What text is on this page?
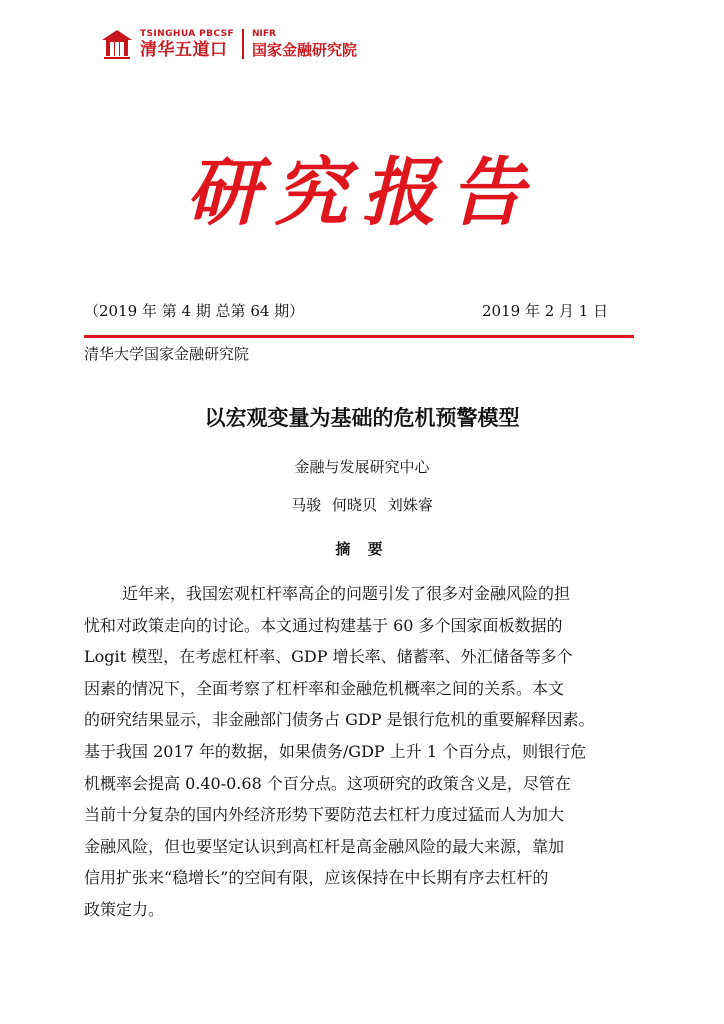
TSINGHUA PBCSF
清华五道口
NIFR
国家金融研究院
研究报告
（2019 年 第 4 期 总第 64 期）	2019 年 2 月 1 日
清华大学国家金融研究院
以宏观变量为基础的危机预警模型
金融与发展研究中心
马骏 何晓贝 刘姝睿
摘 要
近年来，我国宏观杠杆率高企的问题引发了很多对金融风险的担
忧和对政策走向的讨论。本文通过构建基于 60 多个国家面板数据的
Logit 模型，在考虑杠杆率、GDP 增长率、储蓄率、外汇储备等多个
因素的情况下，全面考察了杠杆率和金融危机概率之间的关系。本文
的研究结果显示，非金融部门债务占 GDP 是银行危机的重要解释因素。
基于我国 2017 年的数据，如果债务/GDP 上升 1 个百分点，则银行危
机概率会提高 0.40-0.68 个百分点。这项研究的政策含义是，尽管在
当前十分复杂的国内外经济形势下要防范去杠杆力度过猛而人为加大
金融风险，但也要坚定认识到高杠杆是高金融风险的最大来源，靠加
信用扩张来“稳增长”的空间有限，应该保持在中长期有序去杠杆的
政策定力。
